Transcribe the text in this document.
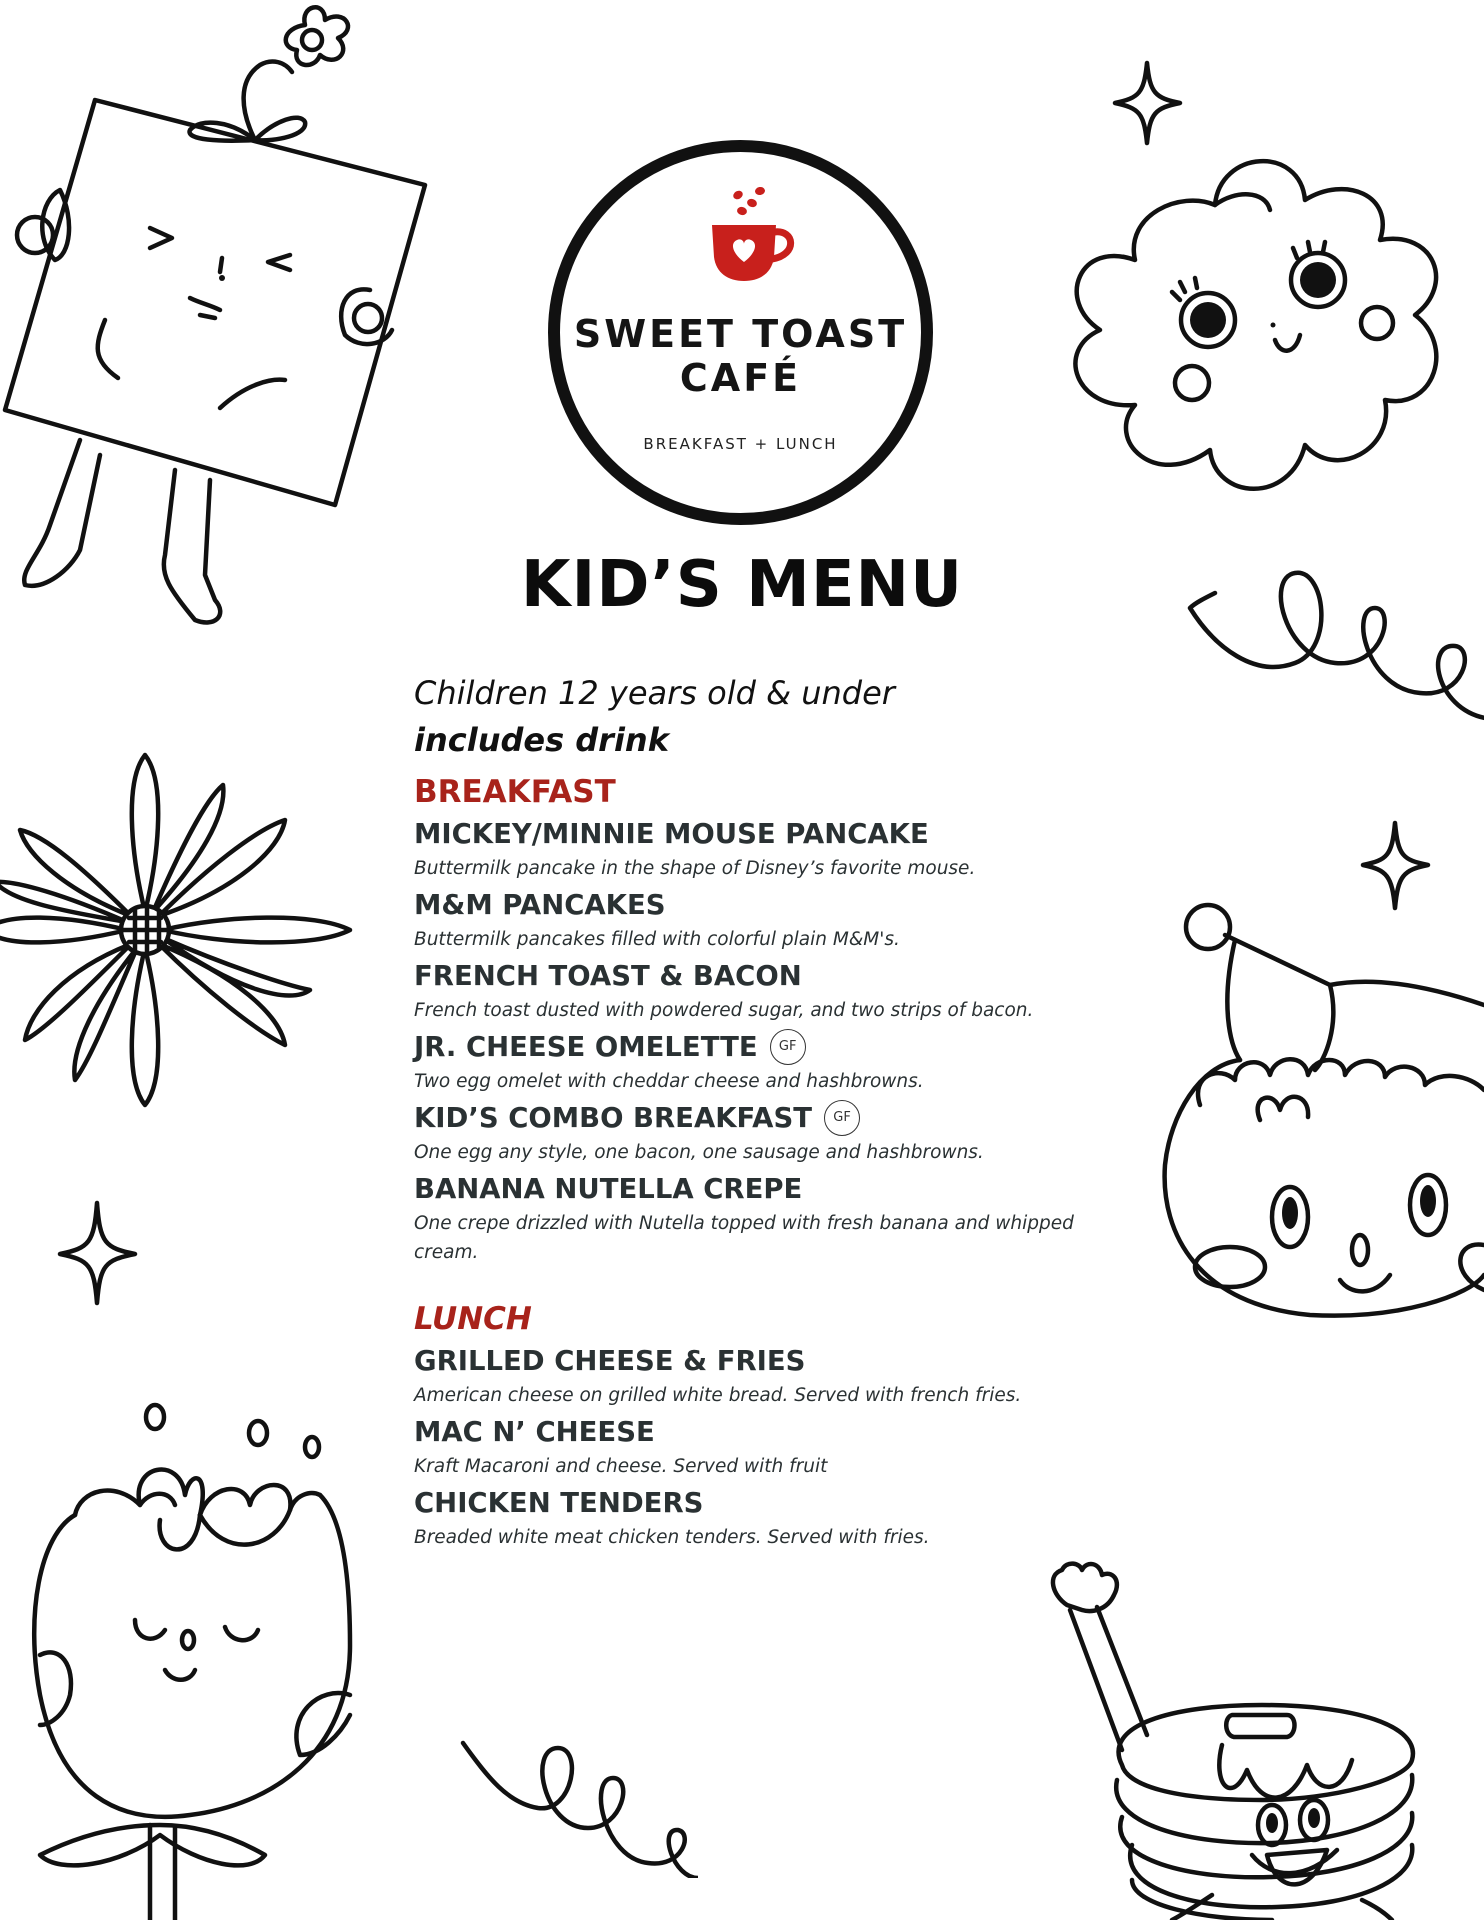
SWEET TOAST
CAFÉ
BREAKFAST + LUNCH
KID’S MENU

Children 12 years old & under

includes drink

BREAKFAST

MICKEY/MINNIE MOUSE PANCAKE

Buttermilk pancake in the shape of Disney’s favorite mouse.

M&M PANCAKES

Buttermilk pancakes filled with colorful plain M&M's.

FRENCH TOAST & BACON

French toast dusted with powdered sugar, and two strips of bacon.

JR. CHEESE OMELETTE	GF

Two egg omelet with cheddar cheese and hashbrowns.

KID’S COMBO BREAKFAST	GF

One egg any style, one bacon, one sausage and hashbrowns.

BANANA NUTELLA CREPE

One crepe drizzled with Nutella topped with fresh banana and whipped cream.

LUNCH

GRILLED CHEESE & FRIES

American cheese on grilled white bread. Served with french fries.

MAC N’ CHEESE

Kraft Macaroni and cheese. Served with fruit

CHICKEN TENDERS

Breaded white meat chicken tenders. Served with fries.
